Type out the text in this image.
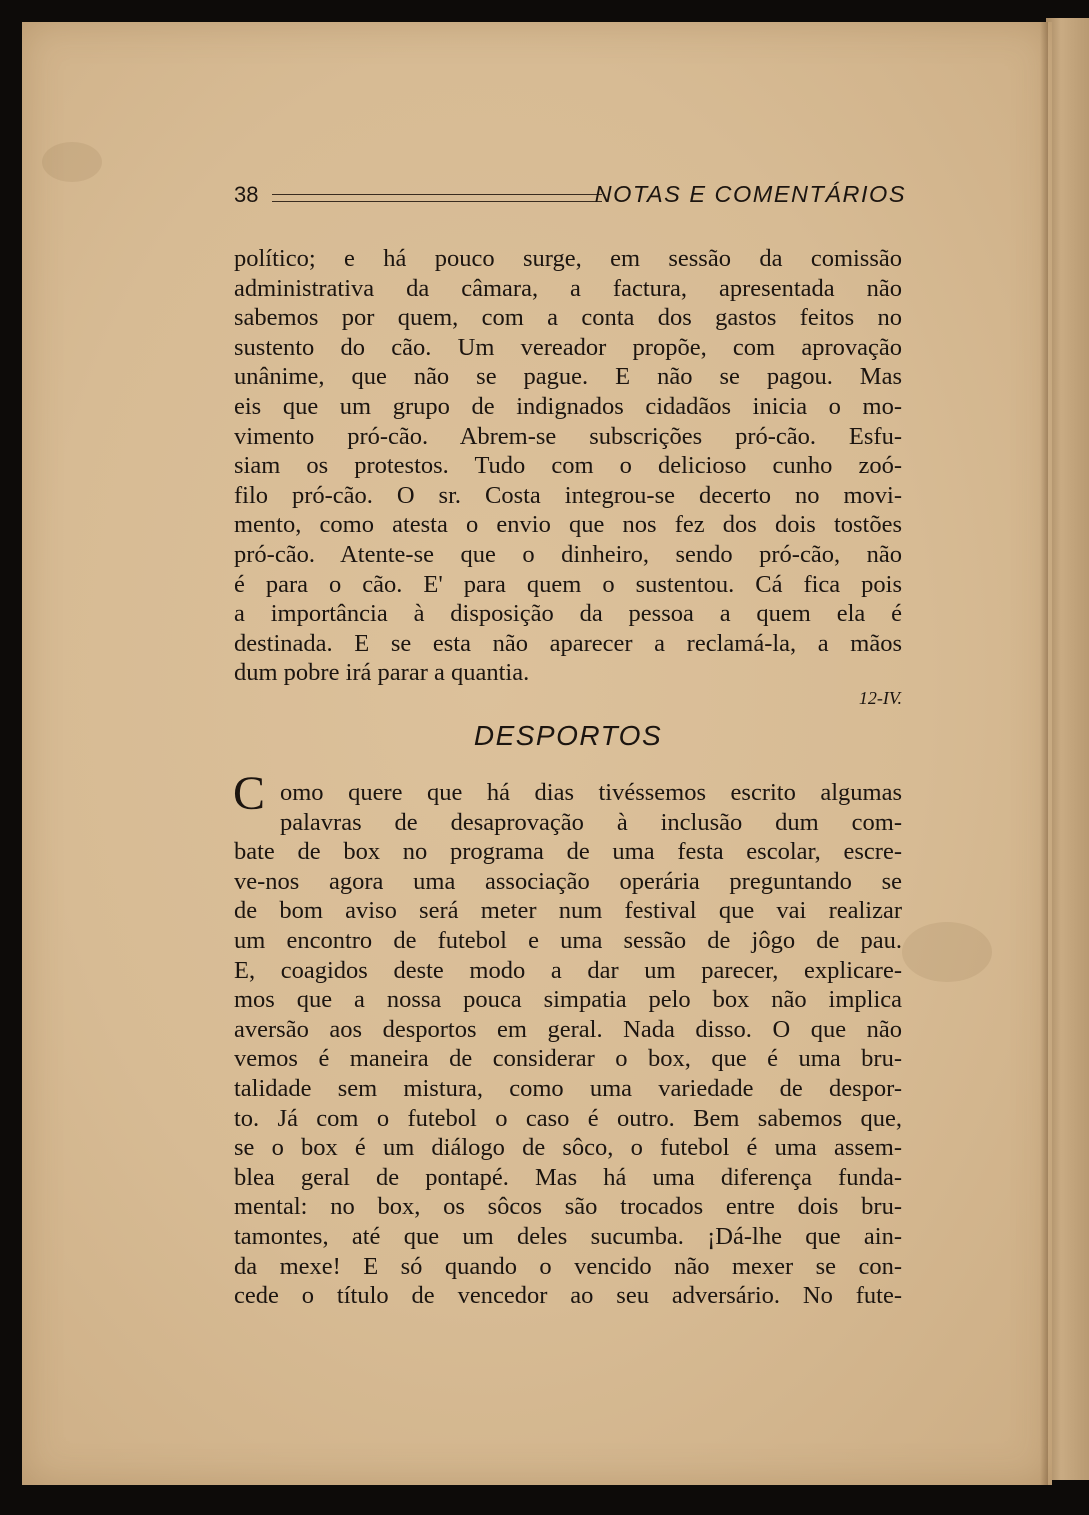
38	NOTAS E COMENTÁRIOS
político; e há pouco surge, em sessão da comissão
administrativa da câmara, a factura, apresentada não
sabemos por quem, com a conta dos gastos feitos no
sustento do cão. Um vereador propõe, com aprovação
unânime, que não se pague. E não se pagou. Mas
eis que um grupo de indignados cidadãos inicia o mo-
vimento pró-cão. Abrem-se subscrições pró-cão. Esfu-
siam os protestos. Tudo com o delicioso cunho zoó-
filo pró-cão. O sr. Costa integrou-se decerto no movi-
mento, como atesta o envio que nos fez dos dois tostões
pró-cão. Atente-se que o dinheiro, sendo pró-cão, não
é para o cão. E' para quem o sustentou. Cá fica pois
a importância à disposição da pessoa a quem ela é
destinada. E se esta não aparecer a reclamá-la, a mãos
dum pobre irá parar a quantia.
12-IV.
DESPORTOS
C omo quere que há dias tivéssemos escrito algumas
palavras de desaprovação à inclusão dum com-
bate de box no programa de uma festa escolar, escre-
ve-nos agora uma associação operária preguntando se
de bom aviso será meter num festival que vai realizar
um encontro de futebol e uma sessão de jôgo de pau.
E, coagidos deste modo a dar um parecer, explicare-
mos que a nossa pouca simpatia pelo box não implica
aversão aos desportos em geral. Nada disso. O que não
vemos é maneira de considerar o box, que é uma bru-
talidade sem mistura, como uma variedade de despor-
to. Já com o futebol o caso é outro. Bem sabemos que,
se o box é um diálogo de sôco, o futebol é uma assem-
blea geral de pontapé. Mas há uma diferença funda-
mental: no box, os sôcos são trocados entre dois bru-
tamontes, até que um deles sucumba. ¡Dá-lhe que ain-
da mexe! E só quando o vencido não mexer se con-
cede o título de vencedor ao seu adversário. No fute-
